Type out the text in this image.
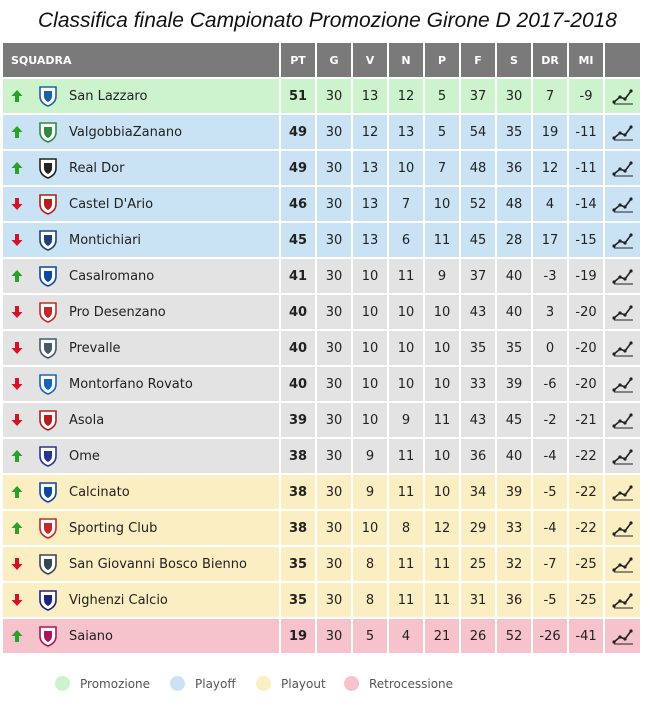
Classifica finale Campionato Promozione Girone D 2017-2018
SQUADRA	PT	G	V	N	P	F	S	DR	MI
San Lazzaro	51	30	13	12	5	37	30	7	-9
ValgobbiaZanano	49	30	12	13	5	54	35	19	-11
Real Dor	49	30	13	10	7	48	36	12	-11
Castel D'Ario	46	30	13	7	10	52	48	4	-14
Montichiari	45	30	13	6	11	45	28	17	-15
Casalromano	41	30	10	11	9	37	40	-3	-19
Pro Desenzano	40	30	10	10	10	43	40	3	-20
Prevalle	40	30	10	10	10	35	35	0	-20
Montorfano Rovato	40	30	10	10	10	33	39	-6	-20
Asola	39	30	10	9	11	43	45	-2	-21
Ome	38	30	9	11	10	36	40	-4	-22
Calcinato	38	30	9	11	10	34	39	-5	-22
Sporting Club	38	30	10	8	12	29	33	-4	-22
San Giovanni Bosco Bienno	35	30	8	11	11	25	32	-7	-25
Vighenzi Calcio	35	30	8	11	11	31	36	-5	-25
Saiano	19	30	5	4	21	26	52	-26	-41
Promozione	Playoff	Playout	Retrocessione
